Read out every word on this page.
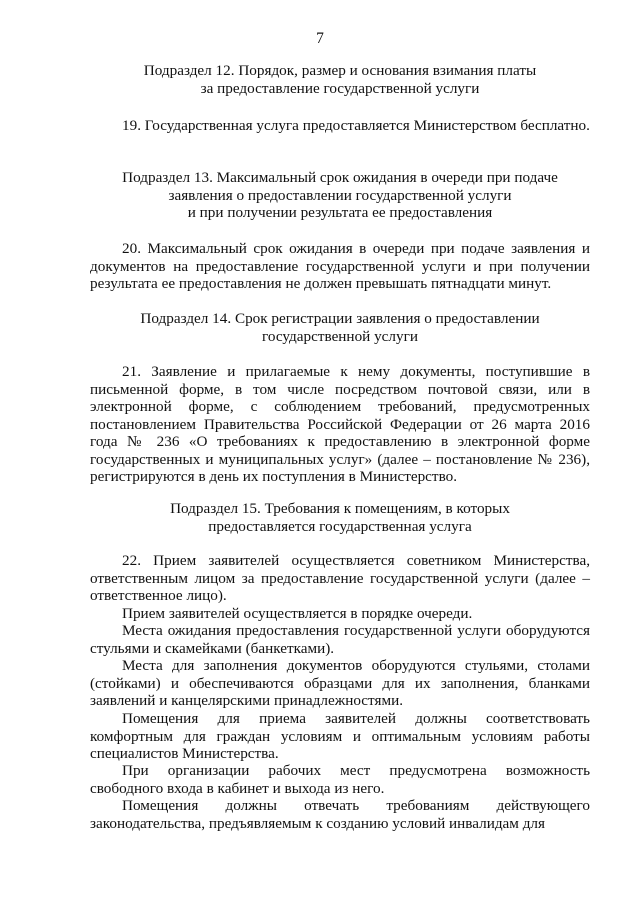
7
Подраздел 12. Порядок, размер и основания взимания платы
за предоставление государственной услуги

19. Государственная услуга предоставляется Министерством бесплатно.

Подраздел 13. Максимальный срок ожидания в очереди при подаче
заявления о предоставлении государственной услуги
и при получении результата ее предоставления

20. Максимальный срок ожидания в очереди при подаче заявления и документов на предоставление государственной услуги и при получении результата ее предоставления не должен превышать пятнадцати минут.

Подраздел 14. Срок регистрации заявления о предоставлении
государственной услуги

21. Заявление и прилагаемые к нему документы, поступившие в письменной форме, в том числе посредством почтовой связи, или в электронной форме, с соблюдением требований, предусмотренных постановлением Правительства Российской Федерации от 26 марта 2016 года № 236 «О требованиях к предоставлению в электронной форме государственных и муниципальных услуг» (далее – постановление № 236), регистрируются в день их поступления в Министерство.

Подраздел 15. Требования к помещениям, в которых
предоставляется государственная услуга

22. Прием заявителей осуществляется советником Министерства, ответственным лицом за предоставление государственной услуги (далее – ответственное лицо).

Прием заявителей осуществляется в порядке очереди.

Места ожидания предоставления государственной услуги оборудуются стульями и скамейками (банкетками).

Места для заполнения документов оборудуются стульями, столами (стойками) и обеспечиваются образцами для их заполнения, бланками заявлений и канцелярскими принадлежностями.

Помещения для приема заявителей должны соответствовать комфортным для граждан условиям и оптимальным условиям работы специалистов Министерства.

При организации рабочих мест предусмотрена возможность свободного входа в кабинет и выхода из него.

Помещения должны отвечать требованиям действующего законодательства, предъявляемым к созданию условий инвалидам для
